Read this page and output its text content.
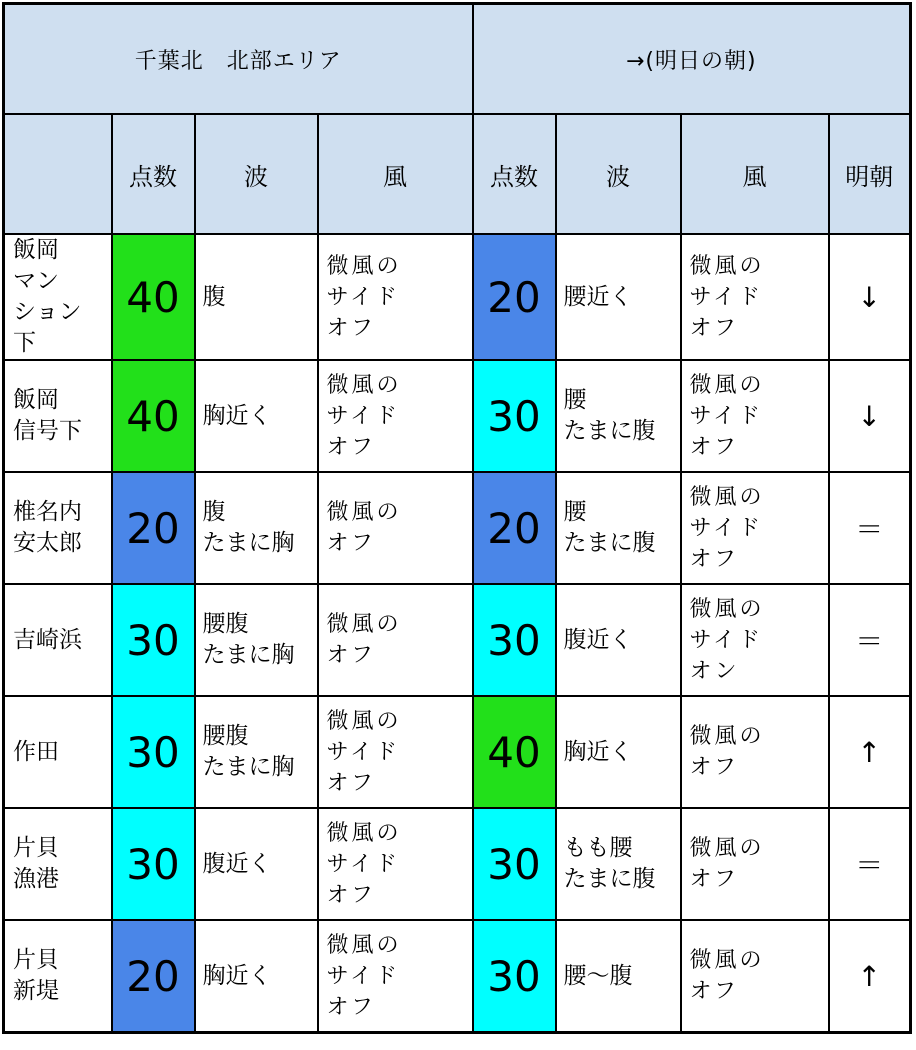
千葉北　北部エリア				→(明日の朝)			
	点数	波	風	点数	波	風	明朝

飯岡
マン
ション
下	40	腹	微風の
サイド
オフ	20	腰近く	微風の
サイド
オフ	↓

飯岡
信号下	40	胸近く	微風の
サイド
オフ	30	腰
たまに腹	微風の
サイド
オフ	↓

椎名内
安太郎	20	腹
たまに胸	微風の
オフ	20	腰
たまに腹	微風の
サイド
オフ	＝

吉崎浜	30	腰腹
たまに胸	微風の
オフ	30	腹近く	微風の
サイド
オン	＝

作田	30	腰腹
たまに胸	微風の
サイド
オフ	40	胸近く	微風の
オフ	↑

片貝
漁港	30	腹近く	微風の
サイド
オフ	30	もも腰
たまに腹	微風の
オフ	＝

片貝
新堤	20	胸近く	微風の
サイド
オフ	30	腰〜腹	微風の
オフ	↑
